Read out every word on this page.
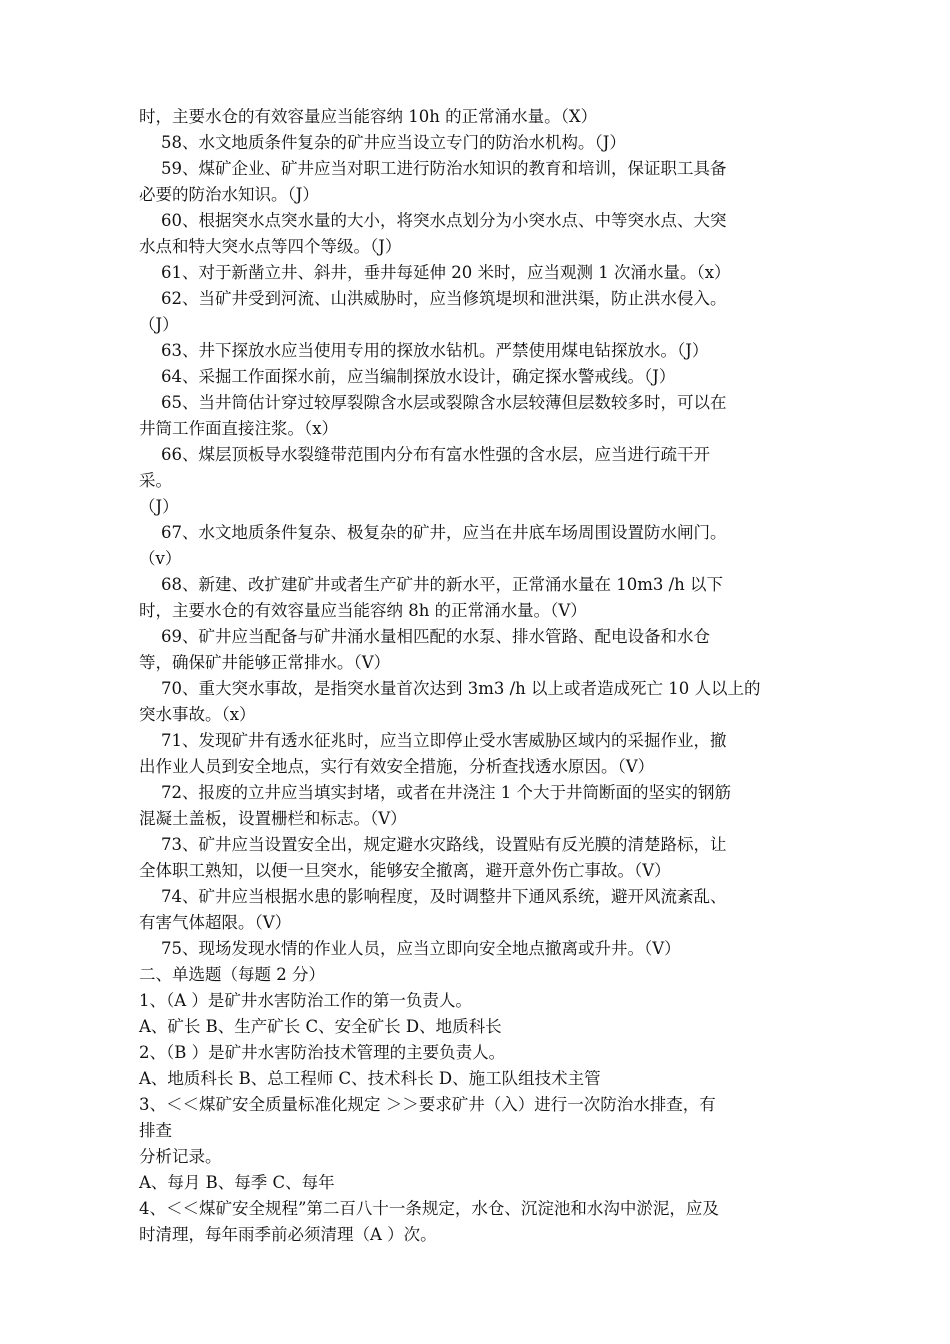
时，主要水仓的有效容量应当能容纳 10h 的正常涌水量。（X）
58、水文地质条件复杂的矿井应当设立专门的防治水机构。（J）
59、煤矿企业、矿井应当对职工进行防治水知识的教育和培训，保证职工具备
必要的防治水知识。（J）
60、根据突水点突水量的大小，将突水点划分为小突水点、中等突水点、大突
水点和特大突水点等四个等级。（J）
61、对于新凿立井、斜井，垂井每延伸 20 米时，应当观测 1 次涌水量。（x）
62、当矿井受到河流、山洪威胁时，应当修筑堤坝和泄洪渠，防止洪水侵入。
（J）
63、井下探放水应当使用专用的探放水钻机。严禁使用煤电钻探放水。（J）
64、采掘工作面探水前，应当编制探放水设计，确定探水警戒线。（J）
65、当井筒估计穿过较厚裂隙含水层或裂隙含水层较薄但层数较多时，可以在
井筒工作面直接注浆。（x）
66、煤层顶板导水裂缝带范围内分布有富水性强的含水层，应当进行疏干开
采。
（J）
67、水文地质条件复杂、极复杂的矿井，应当在井底车场周围设置防水闸门。
（v）
68、新建、改扩建矿井或者生产矿井的新水平，正常涌水量在 10m3 /h 以下
时，主要水仓的有效容量应当能容纳 8h 的正常涌水量。（V）
69、矿井应当配备与矿井涌水量相匹配的水泵、排水管路、配电设备和水仓
等，确保矿井能够正常排水。（V）
70、重大突水事故，是指突水量首次达到 3m3 /h 以上或者造成死亡 10 人以上的
突水事故。（x）
71、发现矿井有透水征兆时，应当立即停止受水害威胁区域内的采掘作业，撤
出作业人员到安全地点，实行有效安全措施，分析查找透水原因。（V）
72、报废的立井应当填实封堵，或者在井浇注 1 个大于井筒断面的坚实的钢筋
混凝土盖板，设置栅栏和标志。（V）
73、矿井应当设置安全出，规定避水灾路线，设置贴有反光膜的清楚路标，让
全体职工熟知，以便一旦突水，能够安全撤离，避开意外伤亡事故。（V）
74、矿井应当根据水患的影响程度，及时调整井下通风系统，避开风流紊乱、
有害气体超限。（V）
75、现场发现水情的作业人员，应当立即向安全地点撤离或升井。（V）
二、单选题（每题 2 分）
1、（A ）是矿井水害防治工作的第一负责人。
A、矿长 B、生产矿长 C、安全矿长 D、地质科长
2、（B ）是矿井水害防治技术管理的主要负责人。
A、地质科长 B、总工程师 C、技术科长 D、施工队组技术主管
3、＜＜煤矿安全质量标准化规定 ＞＞要求矿井（入）进行一次防治水排查，有
排查
分析记录。
A、每月 B、每季 C、每年
4、＜＜煤矿安全规程”第二百八十一条规定，水仓、沉淀池和水沟中淤泥，应及
时清理，每年雨季前必须清理（A ）次。
